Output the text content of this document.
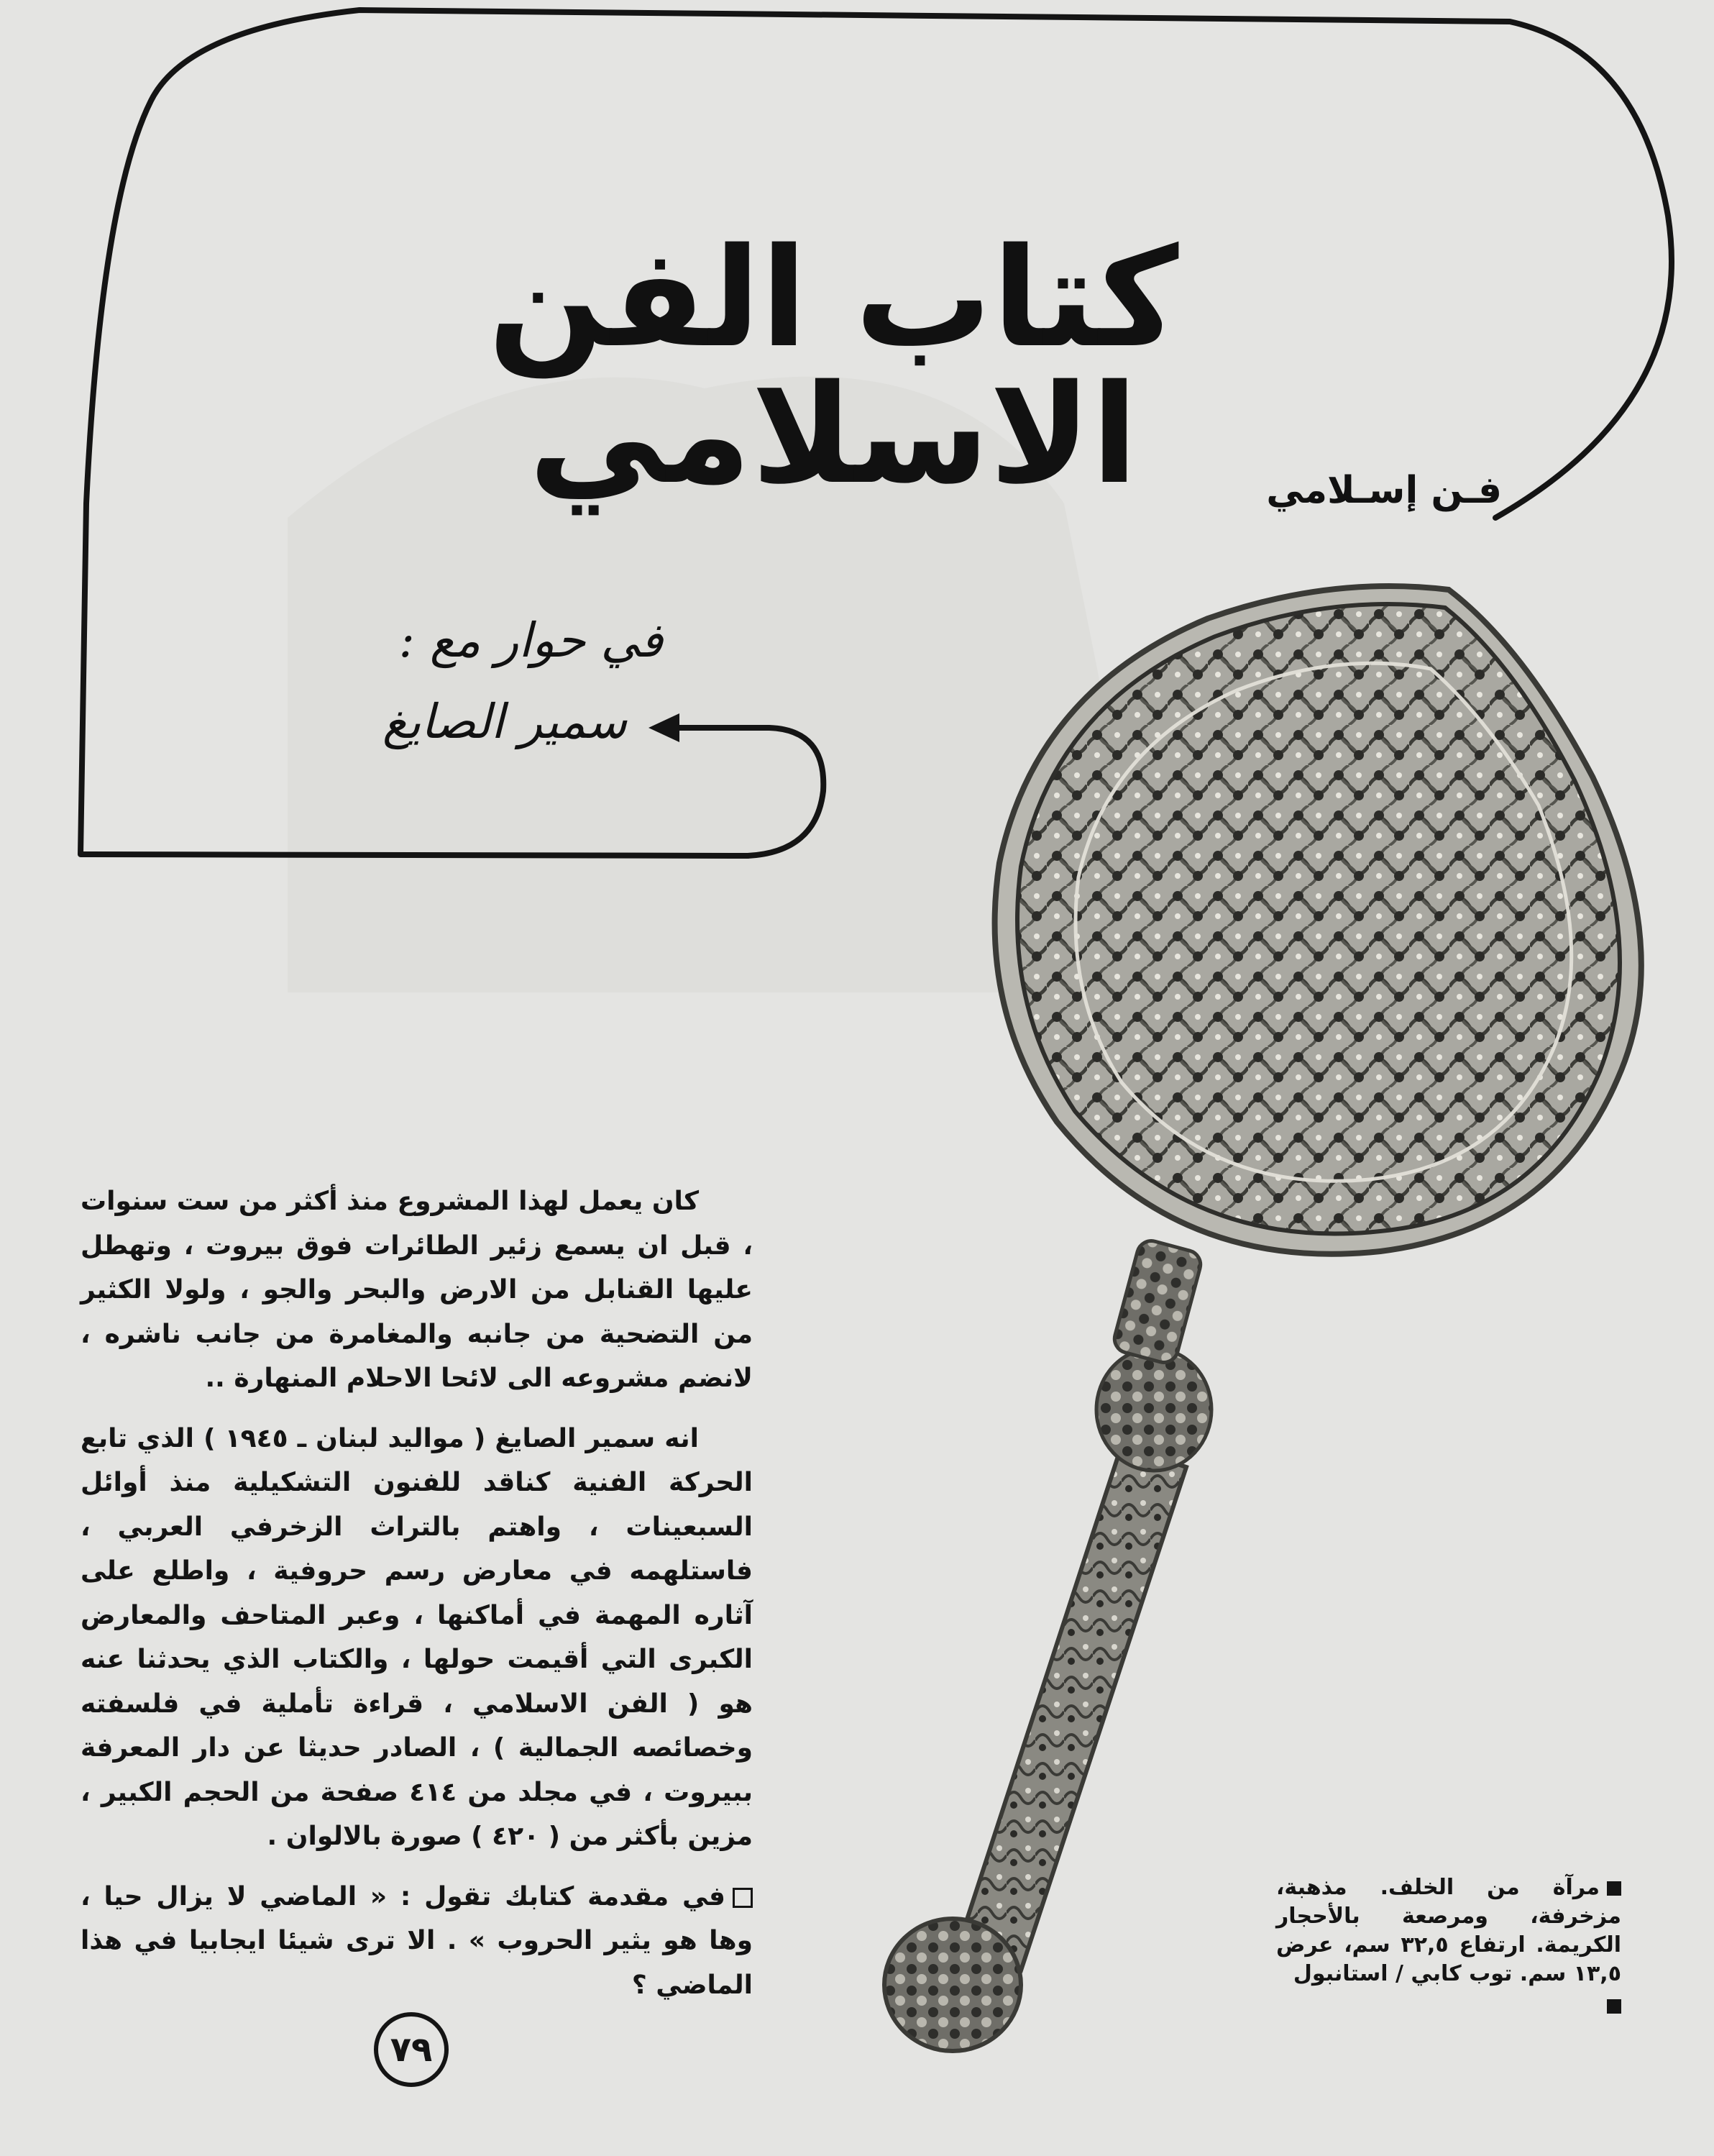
كتاب الفن الاسلامي	فـن إسـلامي
في حوار مع :
سمير الصايغ

كان يعمل لهذا المشروع منذ أكثر من ست سنوات ، قبل ان يسمع زئير الطائرات فوق بيروت ، وتهطل عليها القنابل من الارض والبحر والجو ، ولولا الكثير من التضحية من جانبه والمغامرة من جانب ناشره ، لانضم مشروعه الى لائحا الاحلام المنهارة ..

انه سمير الصايغ ( مواليد لبنان ـ ١٩٤٥ ) الذي تابع الحركة الفنية كناقد للفنون التشكيلية منذ أوائل السبعينات ، واهتم بالتراث الزخرفي العربي ، فاستلهمه في معارض رسم حروفية ، واطلع على آثاره المهمة في أماكنها ، وعبر المتاحف والمعارض الكبرى التي أقيمت حولها ، والكتاب الذي يحدثنا عنه هو ( الفن الاسلامي ، قراءة تأملية في فلسفته وخصائصه الجمالية ) ، الصادر حديثا عن دار المعرفة ببيروت ، في مجلد من ٤١٤ صفحة من الحجم الكبير ، مزين بأكثر من ( ٤٢٠ ) صورة بالالوان .

في مقدمة كتابك تقول : « الماضي لا يزال حيا ، وها هو يثير الحروب » . الا ترى شيئا ايجابيا في هذا الماضي ؟

مرآة من الخلف. مذهبة، مزخرفة، ومرصعة بالأحجار الكريمة. ارتفاع ٣٢,٥ سم، عرض ١٣,٥ سم. توب كابي / استانبول

٧٩
